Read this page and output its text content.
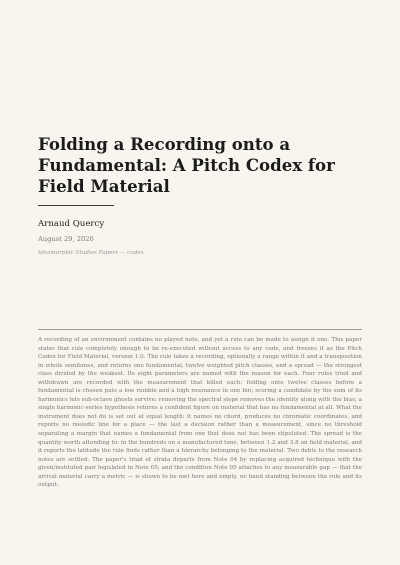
Folding a Recording onto a Fundamental: A Pitch Codex for Field Material
Arnaud Quercy
August 29, 2026
Ideamorphic Studies Papers — codex

A recording of an environment contains no played note, and yet a rule can be made to assign it one. This paper states that rule completely enough to be re-executed without access to any code, and freezes it as the Pitch Codex for Field Material, version 1.0. The rule takes a recording, optionally a range within it and a transposition in whole semitones, and returns one fundamental, twelve weighted pitch classes, and a spread — the strongest class divided by the weakest. Its eight parameters are named with the reason for each. Four rules tried and withdrawn are recorded with the measurement that killed each: folding onto twelve classes before a fundamental is chosen puts a low rumble and a high resonance in one bin; scoring a candidate by the sum of its harmonics lets sub-octave ghosts survive; removing the spectral slope removes the identity along with the bias; a single harmonic-series hypothesis returns a confident figure on material that has no fundamental at all. What the instrument does not do is set out at equal length: it names no chord, produces no chromatic coordinates, and reports no melodic line for a place — the last a decision rather than a measurement, since no threshold separating a margin that names a fundamental from one that does not has been stipulated. The spread is the quantity worth attending to: in the hundreds on a manufactured tone, between 1.2 and 3.8 on field material, and it reports the latitude the rule finds rather than a hierarchy belonging to the material. Two debts to the research notes are settled. The paper's triad of strata departs from Note 04 by replacing acquired technique with the given/instituted pair legislated in Note 05; and the condition Note 05 attaches to any measurable gap — that the arrival material carry a metric — is shown to be met here and empty, no hand standing between the rule and its output.
